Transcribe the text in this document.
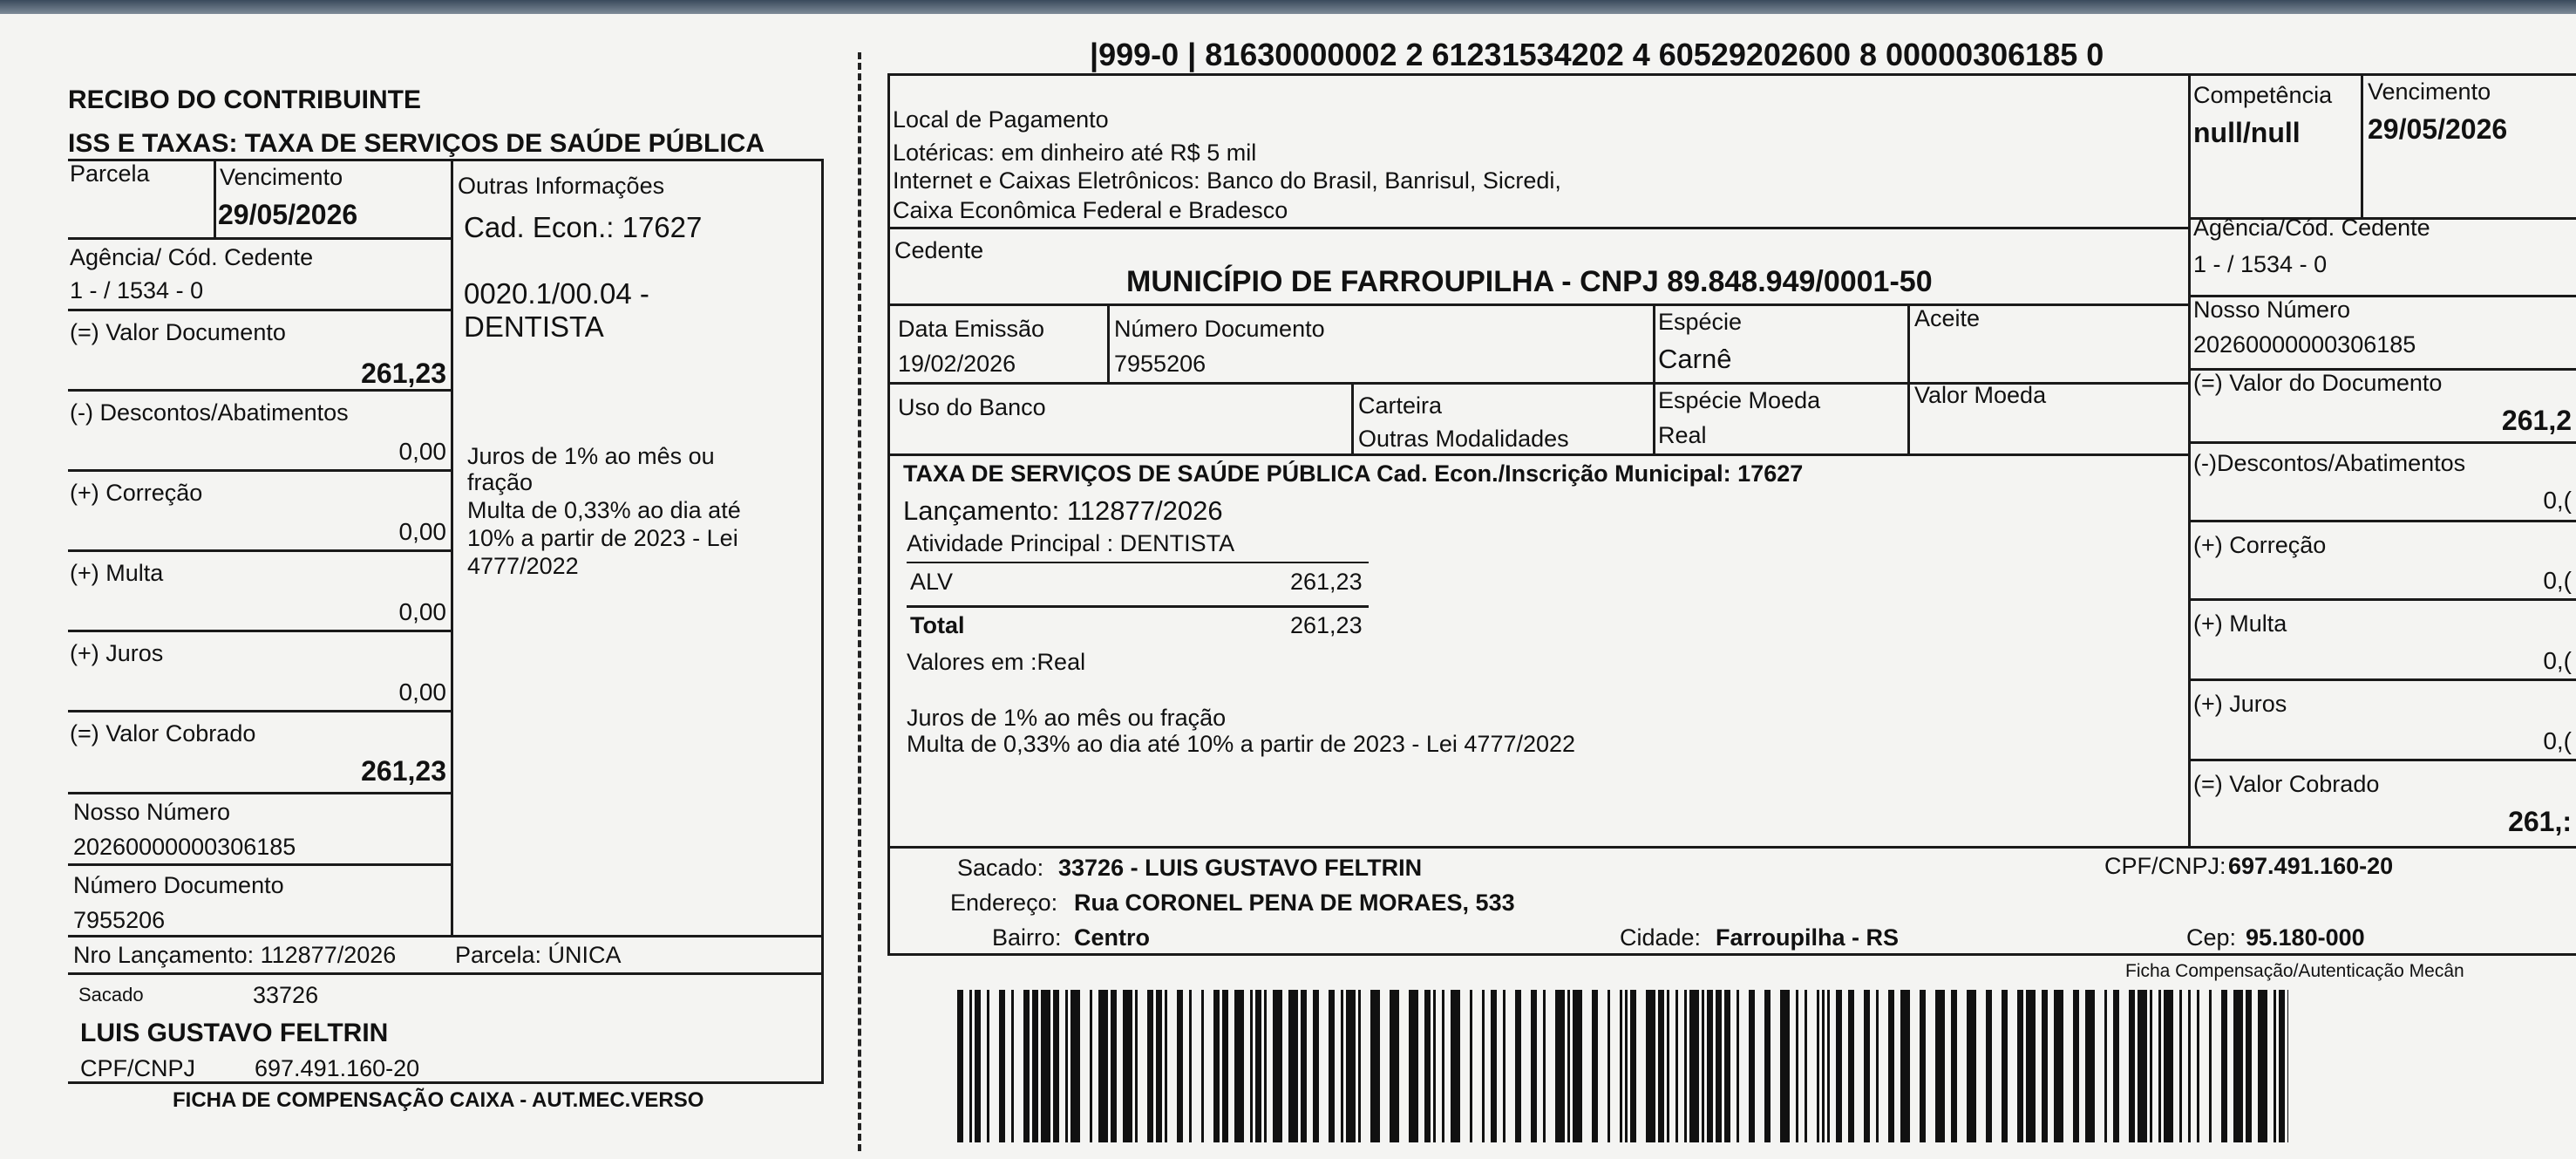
RECIBO DO CONTRIBUINTE
ISS E TAXAS: TAXA DE SERVIÇOS DE SAÚDE PÚBLICA
Parcela	Vencimento
29/05/2026
Outras Informações
Cad. Econ.: 17627
0020.1/00.04 -
DENTISTA
Agência/ Cód. Cedente
1 - / 1534 - 0
(=) Valor Documento
261,23
(-) Descontos/Abatimentos
0,00
(+) Correção
0,00
(+) Multa
0,00
(+) Juros
0,00
(=) Valor Cobrado
261,23
Juros de 1% ao mês ou
fração
Multa de 0,33% ao dia até
10% a partir de 2023 - Lei
4777/2022
Nosso Número
20260000000306185
Número Documento
7955206
Nro Lançamento: 112877/2026	Parcela: ÚNICA
Sacado	33726
LUIS GUSTAVO FELTRIN
CPF/CNPJ	697.491.160-20
FICHA DE COMPENSAÇÃO CAIXA - AUT.MEC.VERSO
|999-0 | 81630000002 2 61231534202 4 60529202600 8 00000306185 0
Local de Pagamento
Lotéricas: em dinheiro até R$ 5 mil
Internet e Caixas Eletrônicos: Banco do Brasil, Banrisul, Sicredi,
Caixa Econômica Federal e Bradesco
Competência
null/null
Vencimento
29/05/2026
Cedente
MUNICÍPIO DE FARROUPILHA - CNPJ 89.848.949/0001-50
Agência/Cód. Cedente
1 - / 1534 - 0
Data Emissão
19/02/2026
Número Documento
7955206
Espécie
Carnê
Aceite	Nosso Número
20260000000306185
Uso do Banco	Carteira
Outras Modalidades
Espécie Moeda
Real
Valor Moeda	(=) Valor do Documento
261,2
(-)Descontos/Abatimentos
0,(
(+) Correção
0,(
(+) Multa
0,(
(+) Juros
0,(
(=) Valor Cobrado
261,:
TAXA DE SERVIÇOS DE SAÚDE PÚBLICA Cad. Econ./Inscrição Municipal: 17627
Lançamento: 112877/2026
Atividade Principal : DENTISTA
ALV	261,23
Total	261,23
Valores em :Real
Juros de 1% ao mês ou fração
Multa de 0,33% ao dia até 10% a partir de 2023 - Lei 4777/2022
Sacado: 33726 - LUIS GUSTAVO FELTRIN	CPF/CNPJ: 697.491.160-20
Endereço: Rua CORONEL PENA DE MORAES, 533
Bairro: Centro	Cidade: Farroupilha - RS	Cep: 95.180-000
Ficha Compensação/Autenticação Mecân
